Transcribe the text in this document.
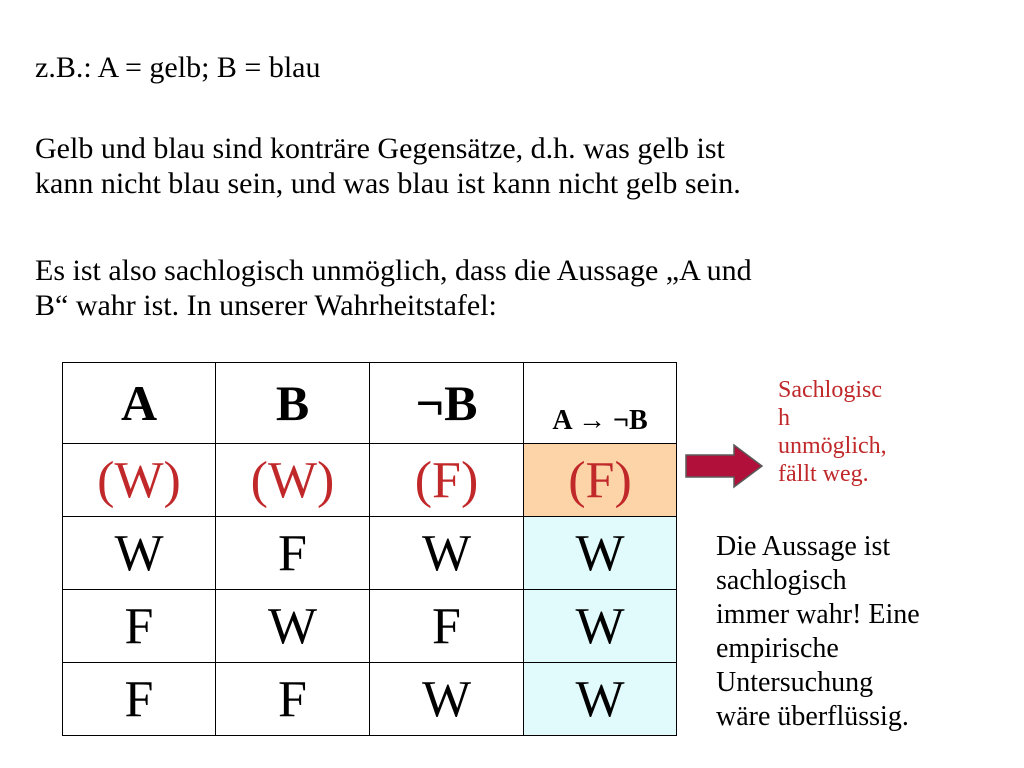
z.B.: A = gelb; B = blau

Gelb und blau sind konträre Gegensätze, d.h. was gelb ist
kann nicht blau sein, und was blau ist kann nicht gelb sein.

Es ist also sachlogisch unmöglich, dass die Aussage „A und
B“ wahr ist. In unserer Wahrheitstafel:

A	B	¬B	A → ¬B
(W)	(W)	(F)	(F)
W	F	W	W
F	W	F	W
F	F	W	W
Sachlogisc
h
unmöglich,
fällt weg.
Die Aussage ist
sachlogisch
immer wahr! Eine
empirische
Untersuchung
wäre überflüssig.
